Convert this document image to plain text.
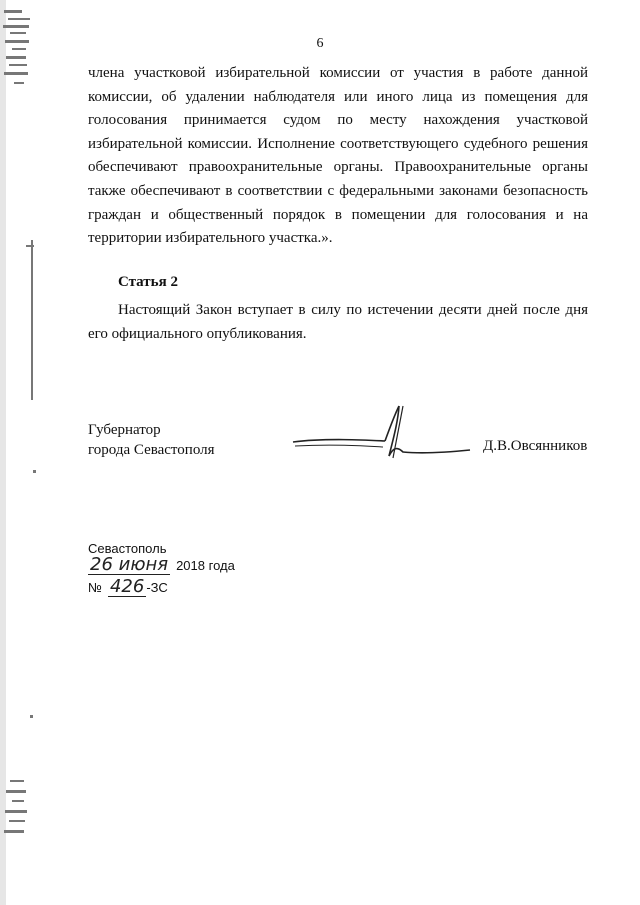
6

члена участковой избирательной комиссии от участия в работе данной комиссии, об удалении наблюдателя или иного лица из помещения для голосования принимается судом по месту нахождения участковой избирательной комиссии. Исполнение соответствующего судебного решения обеспечивают правоохранительные органы. Правоохранительные органы также обеспечивают в соответствии с федеральными законами безопасность граждан и общественный порядок в помещении для голосования и на территории избирательного участка.».

Статья 2
Настоящий Закон вступает в силу по истечении десяти дней после дня его официального опубликования.
Губернатор
города Севастополя	Д.В.Овсянников
Севастополь
26 июня 2018 года
№ 426 -ЗС
